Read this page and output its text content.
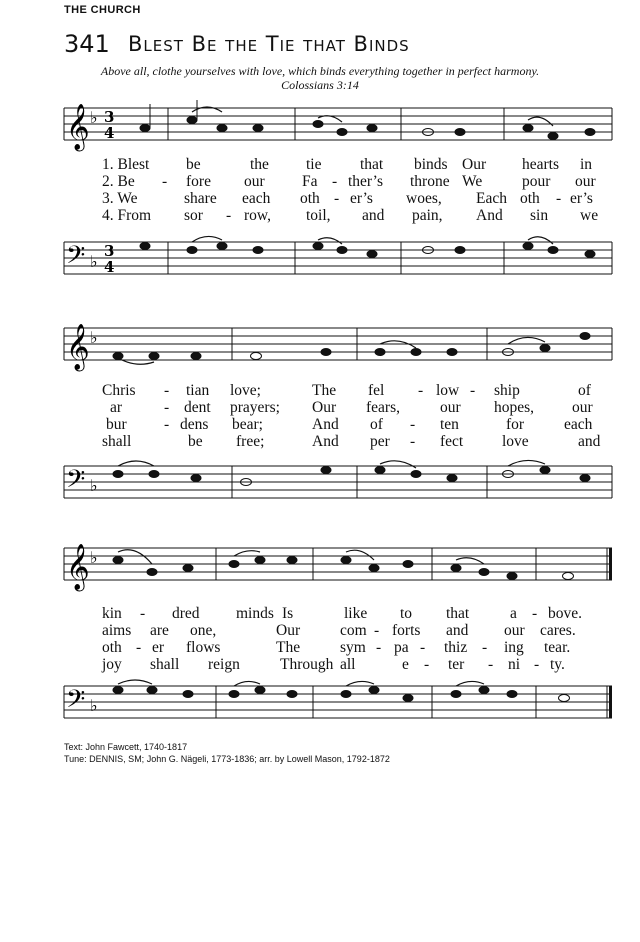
THE CHURCH
341 Blest Be the Tie that Binds
Above all, clothe yourselves with love, which binds everything together in perfect harmony.
Colossians 3:14
𝄞 ♭ 3
4
1. Blest be	the tie that binds Our hearts in
2. Be - fore our Fa - ther’s throne We	pour our
3. We	share each oth - er’s woes, Each oth - er’s
4. From sor - row, toil, and pain, And sin we
𝄢 ♭
3
4
𝄞 ♭
Chris - tian love;	The fel - low - ship	of
ar	- dent prayers; Our fears,	our hopes, our
bur - dens bear;	And of - ten	for	each
shall	be free;	And per - fect	love	and
𝄢 ♭
𝄞 ♭
kin - dred minds Is	like to that	a - bove.
aims are one,	Our	com - forts and our cares.
oth - er flows	The	sym - pa - thiz - ing tear.
joy shall reign	Through all	e - ter - ni - ty.
𝄢 ♭
Text: John Fawcett, 1740-1817
Tune: DENNIS, SM; John G. Nägeli, 1773-1836; arr. by Lowell Mason, 1792-1872
